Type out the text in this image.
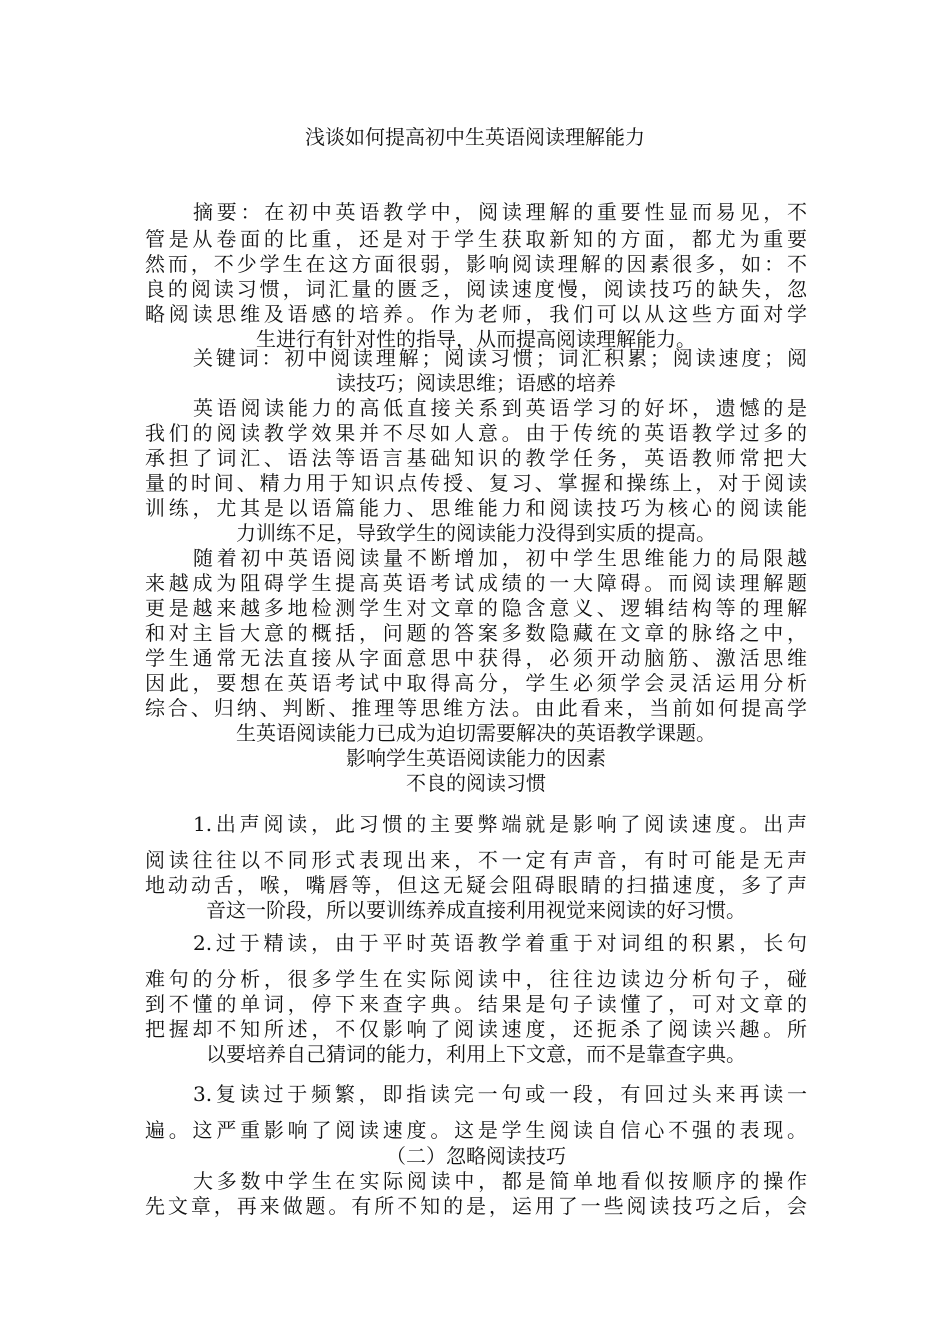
浅谈如何提高初中生英语阅读理解能力
摘要：在初中英语教学中，阅读理解的重要性显而易见，不
管是从卷面的比重，还是对于学生获取新知的方面，都尤为重要
然而，不少学生在这方面很弱，影响阅读理解的因素很多，如：不
良的阅读习惯，词汇量的匮乏，阅读速度慢，阅读技巧的缺失，忽
略阅读思维及语感的培养。作为老师，我们可以从这些方面对学
生进行有针对性的指导，从而提高阅读理解能力。
关键词：初中阅读理解；阅读习惯；词汇积累；阅读速度；阅
读技巧；阅读思维；语感的培养
英语阅读能力的高低直接关系到英语学习的好坏，遗憾的是
我们的阅读教学效果并不尽如人意。由于传统的英语教学过多的
承担了词汇、语法等语言基础知识的教学任务，英语教师常把大
量的时间、精力用于知识点传授、复习、掌握和操练上，对于阅读
训练，尤其是以语篇能力、思维能力和阅读技巧为核心的阅读能
力训练不足，导致学生的阅读能力没得到实质的提高。
随着初中英语阅读量不断增加，初中学生思维能力的局限越
来越成为阻碍学生提高英语考试成绩的一大障碍。而阅读理解题
更是越来越多地检测学生对文章的隐含意义、逻辑结构等的理解
和对主旨大意的概括，问题的答案多数隐藏在文章的脉络之中，
学生通常无法直接从字面意思中获得，必须开动脑筋、激活思维
因此，要想在英语考试中取得高分，学生必须学会灵活运用分析
综合、归纳、判断、推理等思维方法。由此看来，当前如何提高学
生英语阅读能力已成为迫切需要解决的英语教学课题。
影响学生英语阅读能力的因素
不良的阅读习惯
1.出声阅读，此习惯的主要弊端就是影响了阅读速度。出声
阅读往往以不同形式表现出来，不一定有声音，有时可能是无声
地动动舌，喉，嘴唇等，但这无疑会阻碍眼睛的扫描速度，多了声
音这一阶段，所以要训练养成直接利用视觉来阅读的好习惯。
2.过于精读，由于平时英语教学着重于对词组的积累，长句
难句的分析，很多学生在实际阅读中，往往边读边分析句子，碰
到不懂的单词，停下来查字典。结果是句子读懂了，可对文章的
把握却不知所述，不仅影响了阅读速度，还扼杀了阅读兴趣。所
以要培养自己猜词的能力，利用上下文意，而不是靠查字典。
3.复读过于频繁，即指读完一句或一段，有回过头来再读一
遍。这严重影响了阅读速度。这是学生阅读自信心不强的表现。
（二）忽略阅读技巧
大多数中学生在实际阅读中，都是简单地看似按顺序的操作
先文章，再来做题。有所不知的是，运用了一些阅读技巧之后，会
